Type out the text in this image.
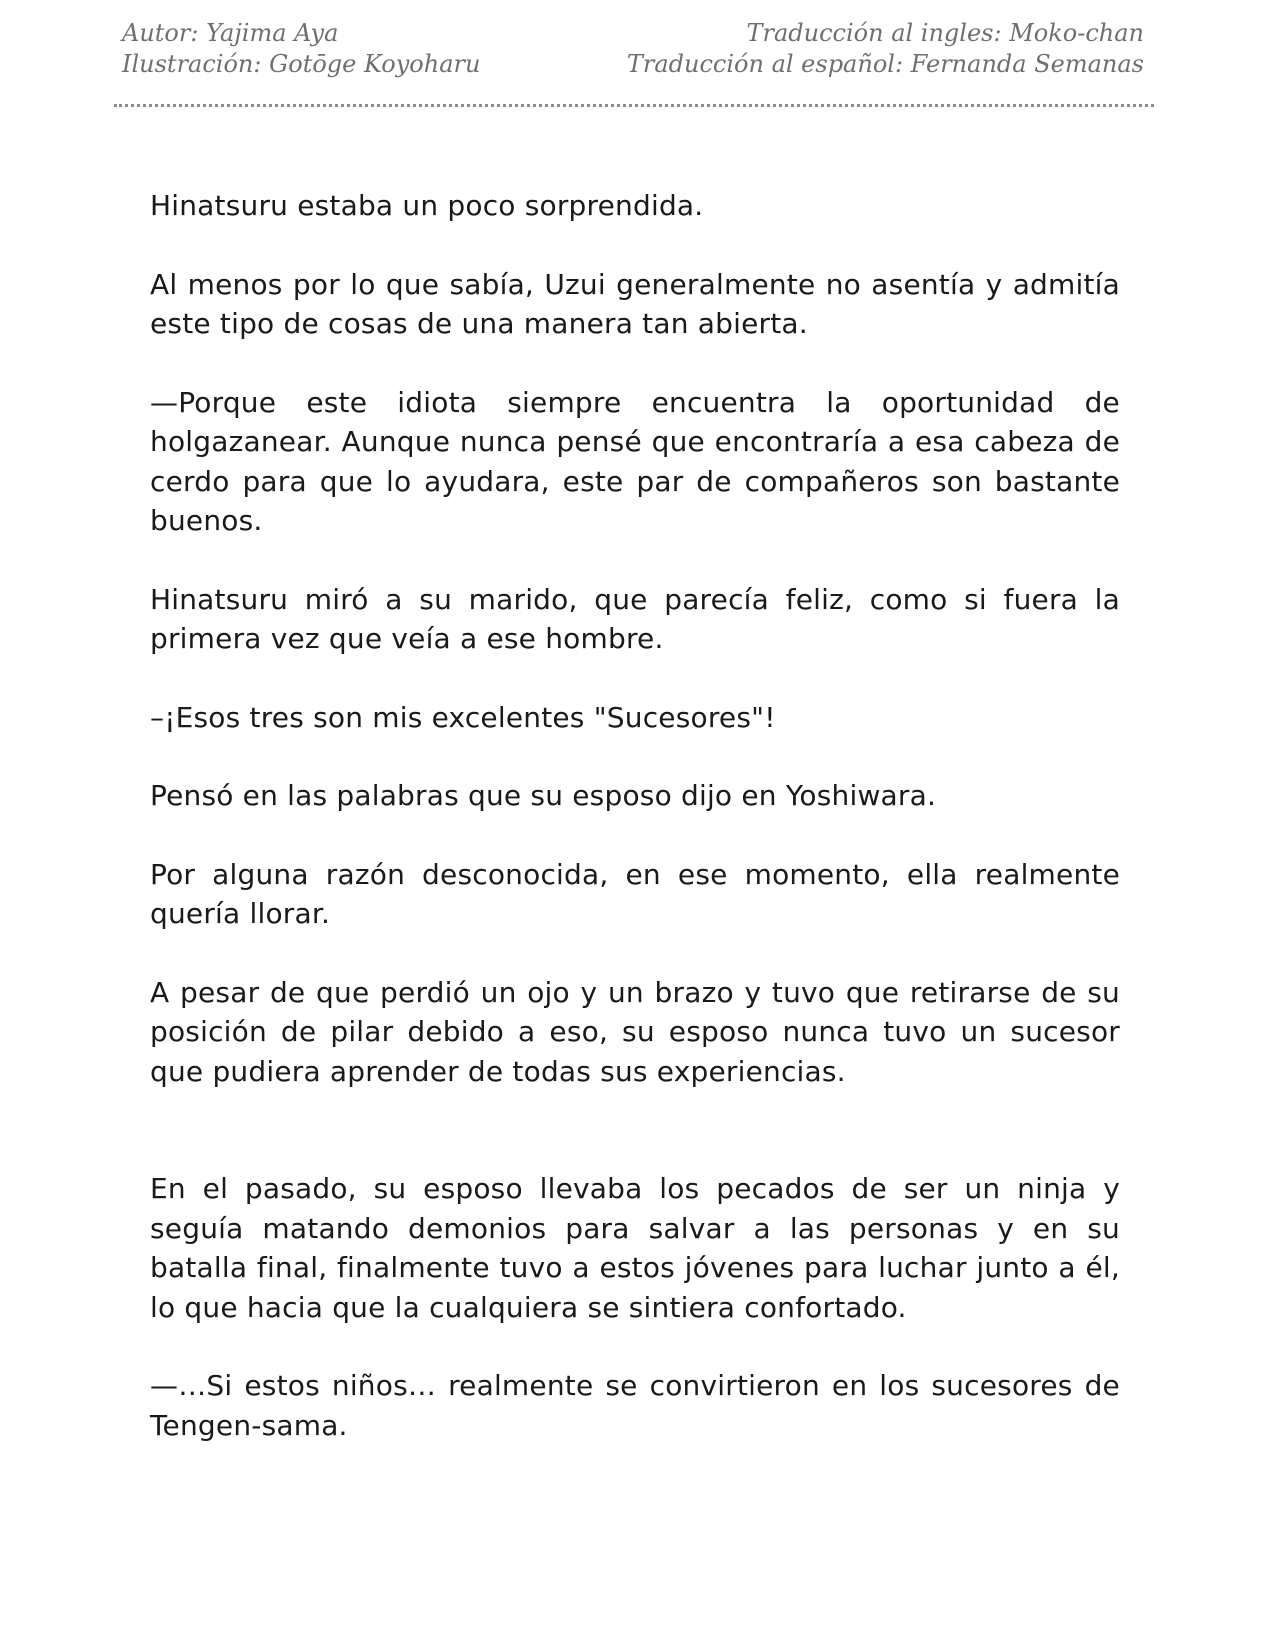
Autor: Yajima Aya
Ilustración: Gotōge Koyoharu
Traducción al ingles: Moko-chan
Traducción al español: Fernanda Semanas

Hinatsuru estaba un poco sorprendida.

Al menos por lo que sabía, Uzui generalmente no asentía y admitía este tipo de cosas de una manera tan abierta.

—Porque este idiota siempre encuentra la oportunidad de holgazanear. Aunque nunca pensé que encontraría a esa cabeza de cerdo para que lo ayudara, este par de compañeros son bastante buenos.

Hinatsuru miró a su marido, que parecía feliz, como si fuera la primera vez que veía a ese hombre.

–¡Esos tres son mis excelentes "Sucesores"!

Pensó en las palabras que su esposo dijo en Yoshiwara.

Por alguna razón desconocida, en ese momento, ella realmente quería llorar.

A pesar de que perdió un ojo y un brazo y tuvo que retirarse de su posición de pilar debido a eso, su esposo nunca tuvo un sucesor que pudiera aprender de todas sus experiencias.

En el pasado, su esposo llevaba los pecados de ser un ninja y seguía matando demonios para salvar a las personas y en su batalla final, finalmente tuvo a estos jóvenes para luchar junto a él, lo que hacia que la cualquiera se sintiera confortado.

—…Si estos niños… realmente se convirtieron en los sucesores de Tengen-sama.
